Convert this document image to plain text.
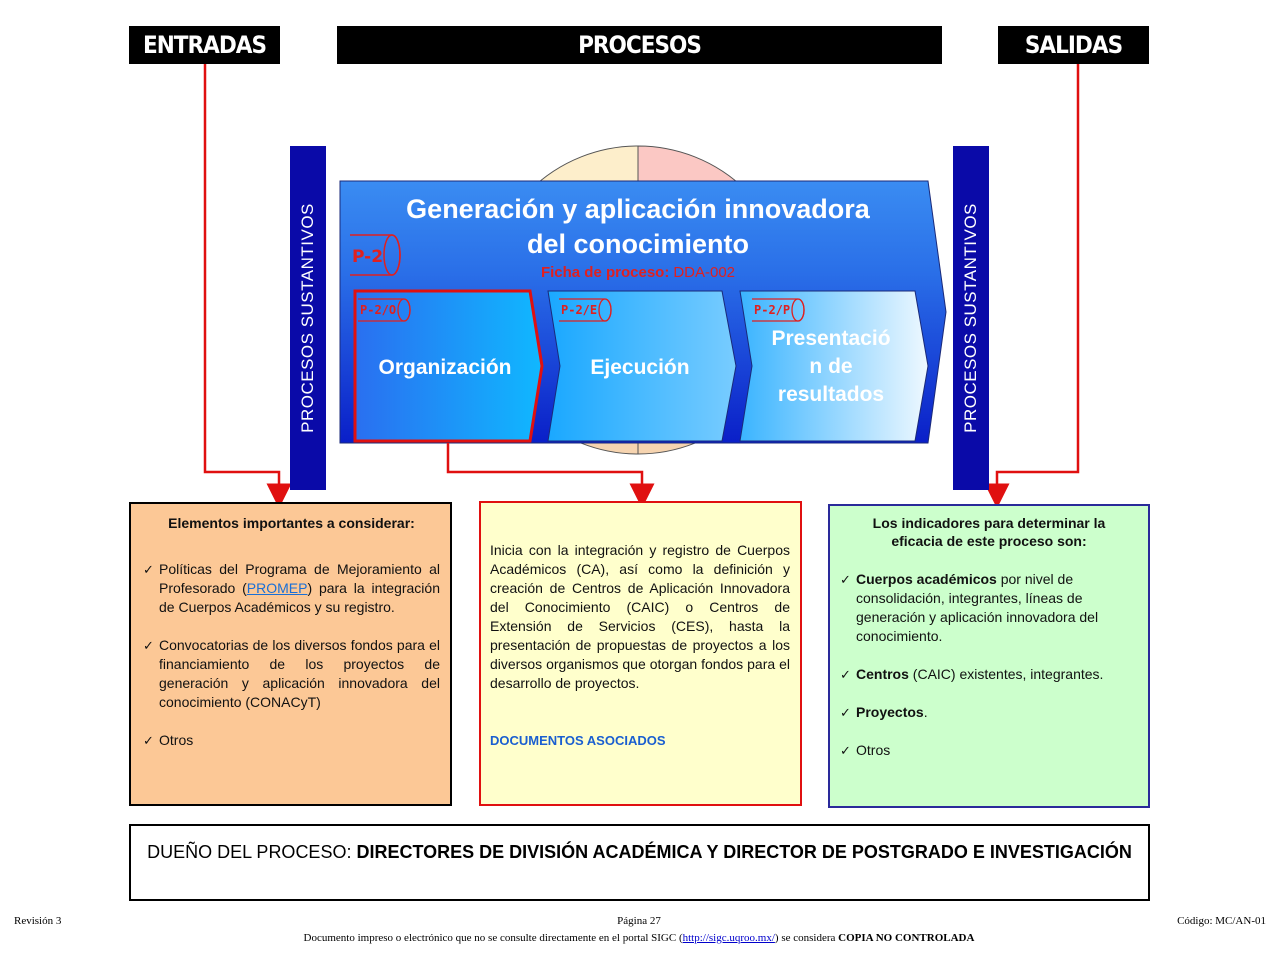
ENTRADAS	PROCESOS	SALIDAS
Generación y aplicación innovadora
del conocimiento
Ficha de proceso: DDA-002
P-2
P-2/O	P-2/E	P-2/P
Organización	Ejecución
Presentació
n de
resultados
PROCESOS SUSTANTIVOS	PROCESOS SUSTANTIVOS
Elementos importantes a considerar:
✓ Políticas del Programa de Mejoramiento al Profesorado (PROMEP) para la integración de Cuerpos Académicos y su registro.
✓ Convocatorias de los diversos fondos para el financiamiento de los proyectos de generación y aplicación innovadora del conocimiento (CONACyT)
✓ Otros
Inicia con la integración y registro de Cuerpos Académicos (CA), así como la definición y creación de Centros de Aplicación Innovadora del Conocimiento (CAIC) o Centros de Extensión de Servicios (CES), hasta la presentación de propuestas de proyectos a los diversos organismos que otorgan fondos para el desarrollo de proyectos.
DOCUMENTOS ASOCIADOS
Los indicadores para determinar la eficacia de este proceso son:
✓ Cuerpos académicos por nivel de consolidación, integrantes, líneas de generación y aplicación innovadora del conocimiento.
✓ Centros (CAIC) existentes, integrantes.
✓ Proyectos.
✓ Otros
DUEÑO DEL PROCESO: DIRECTORES DE DIVISIÓN ACADÉMICA Y DIRECTOR DE POSTGRADO E INVESTIGACIÓN
Revisión 3	Página 27	Código: MC/AN-01
Documento impreso o electrónico que no se consulte directamente en el portal SIGC (http://sigc.uqroo.mx/) se considera COPIA NO CONTROLADA
